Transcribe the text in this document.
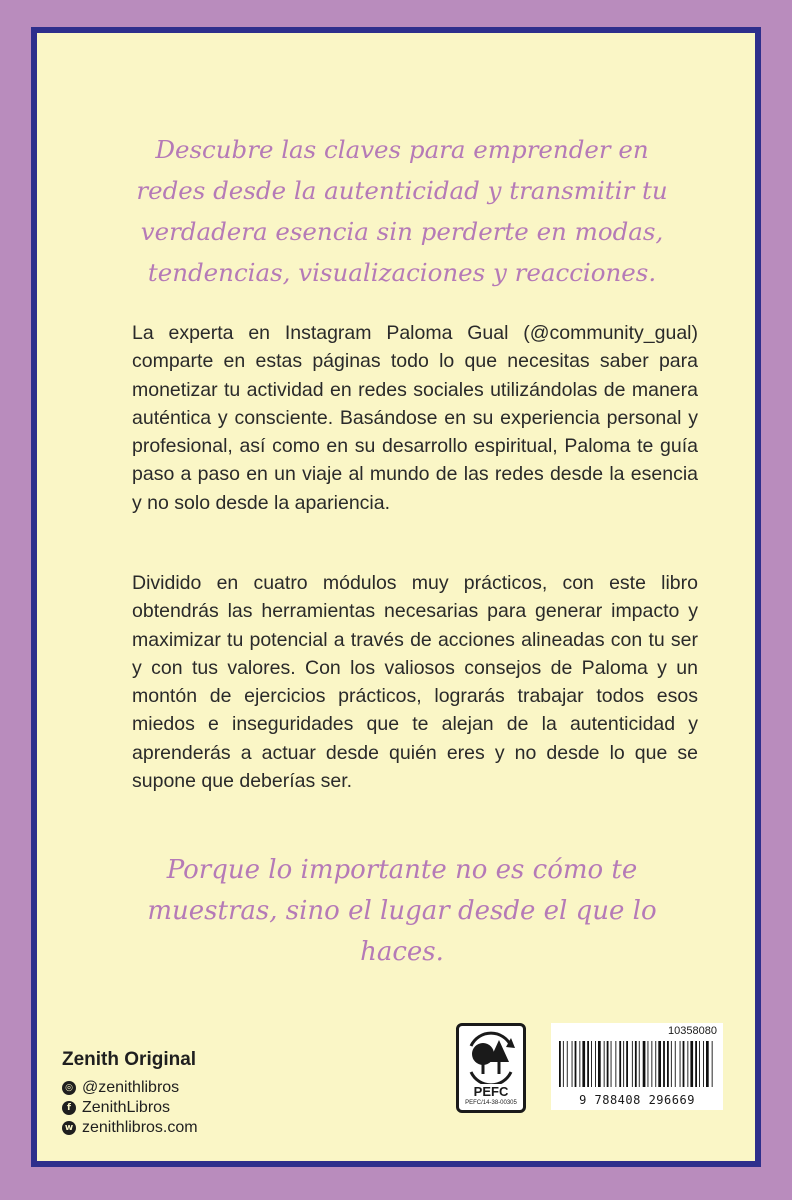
Descubre las claves para emprender en redes desde la autenticidad y transmitir tu verdadera esencia sin perderte en modas, tendencias, visualizaciones y reacciones.
La experta en Instagram Paloma Gual (@community_gual) comparte en estas páginas todo lo que necesitas saber para monetizar tu actividad en redes sociales utilizándolas de manera auténtica y consciente. Basándose en su experiencia personal y profesional, así como en su desarrollo espiritual, Paloma te guía paso a paso en un viaje al mundo de las redes desde la esencia y no solo desde la apariencia.
Dividido en cuatro módulos muy prácticos, con este libro obtendrás las herramientas necesarias para generar impacto y maximizar tu potencial a través de acciones alineadas con tu ser y con tus valores. Con los valiosos consejos de Paloma y un montón de ejercicios prácticos, lograrás trabajar todos esos miedos e inseguridades que te alejan de la autenticidad y aprenderás a actuar desde quién eres y no desde lo que se supone que deberías ser.
Porque lo importante no es cómo te muestras, sino el lugar desde el que lo haces.
Zenith Original
◎ @zenithlibros
f ZenithLibros
w zenithlibros.com
PEFC
PEFC/14-38-00305
10358080
9 788408 296669
